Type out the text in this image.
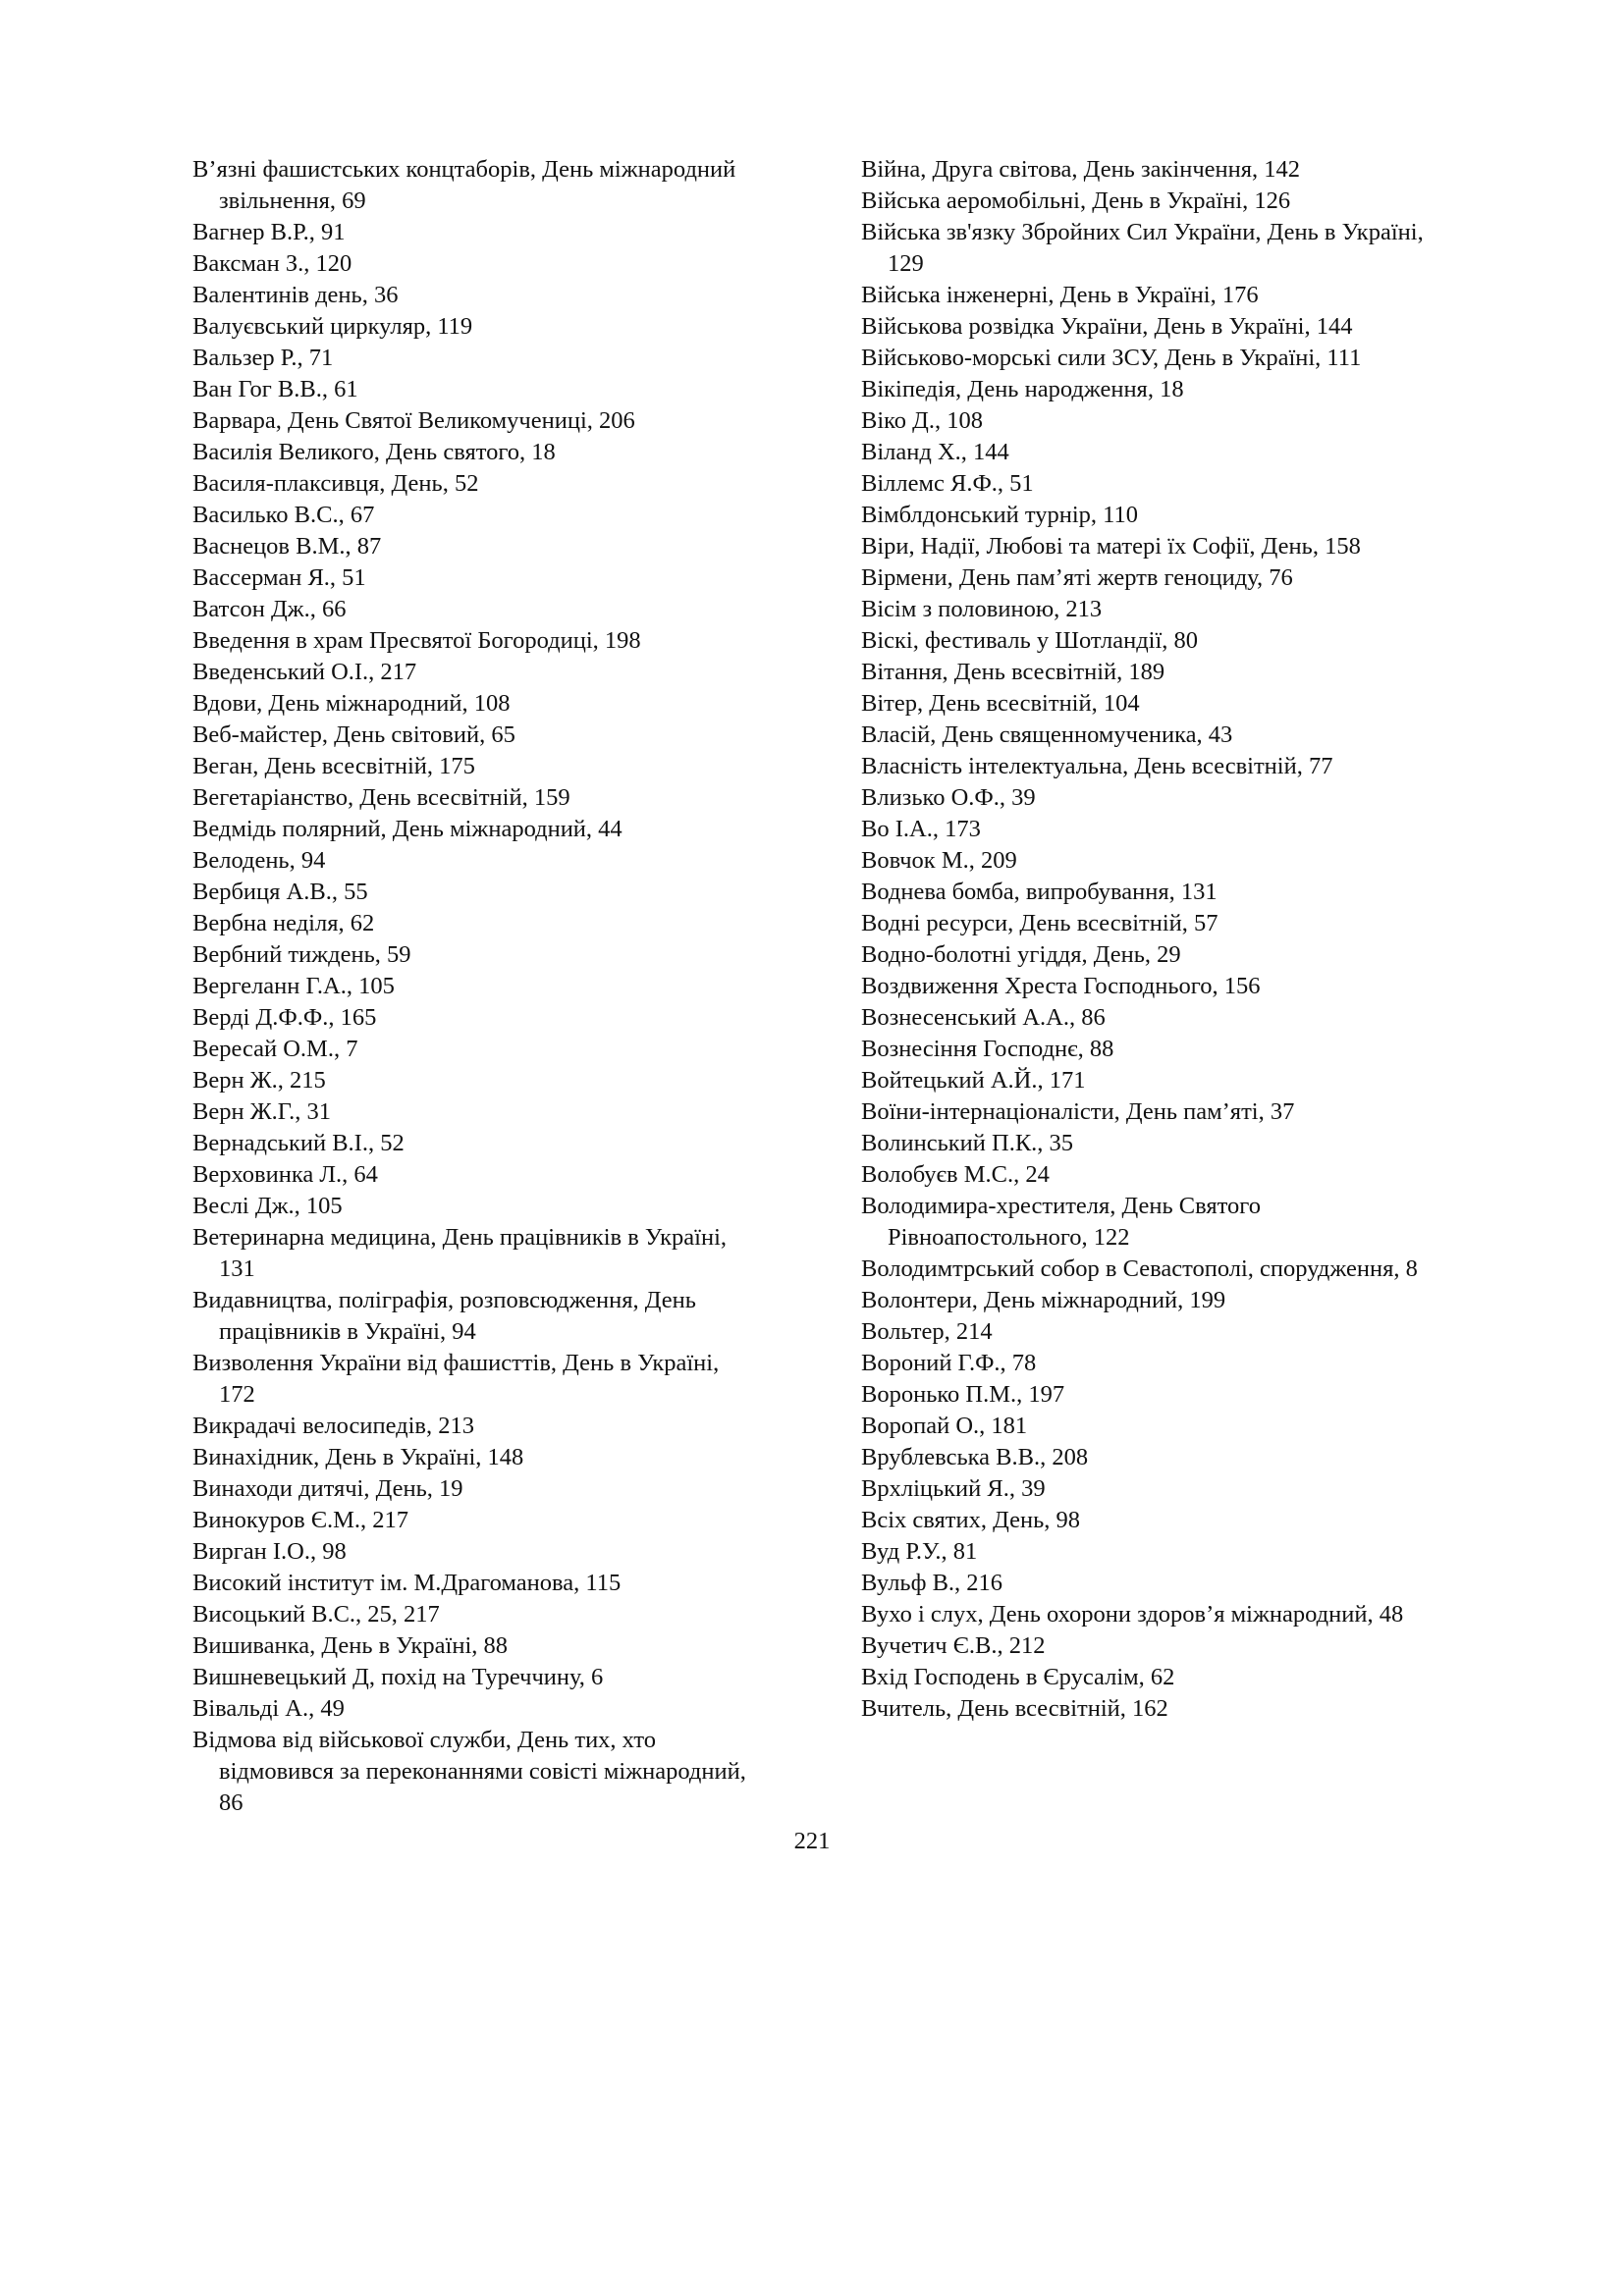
В’язні фашистських концтаборів, День міжнародний звільнення, 69
Вагнер В.Р., 91
Ваксман З., 120
Валентинів день, 36
Валуєвський циркуляр, 119
Вальзер Р., 71
Ван Гог В.В., 61
Варвара, День Святої Великомучениці, 206
Василія Великого, День святого, 18
Василя-плаксивця, День, 52
Василько В.С., 67
Васнецов В.М., 87
Вассерман Я., 51
Ватсон Дж., 66
Введення в храм Пресвятої Богородиці, 198
Введенський О.І., 217
Вдови, День міжнародний, 108
Веб-майстер, День світовий, 65
Веган, День всесвітній, 175
Вегетаріанство, День всесвітній, 159
Ведмідь полярний, День міжнародний, 44
Велодень, 94
Вербиця А.В., 55
Вербна неділя, 62
Вербний тиждень, 59
Вергеланн Г.А., 105
Верді Д.Ф.Ф., 165
Вересай О.М., 7
Верн Ж., 215
Верн Ж.Г., 31
Вернадський В.І., 52
Верховинка Л., 64
Веслі Дж., 105
Ветеринарна медицина, День працівників в Україні, 131
Видавництва, поліграфія, розповсюдження, День працівників в Україні, 94
Визволення України від фашисттів, День в Україні, 172
Викрадачі велосипедів, 213
Винахідник, День в Україні, 148
Винаходи дитячі, День, 19
Винокуров Є.М., 217
Вирган І.О., 98
Високий інститут ім. М.Драгоманова, 115
Висоцький В.С., 25, 217
Вишиванка, День в Україні, 88
Вишневецький Д, похід на Туреччину, 6
Вівальді А., 49
Відмова від військової служби, День тих, хто відмовився за переконаннями совісті міжнародний, 86
Війна, Друга світова, День закінчення, 142
Війська аеромобільні, День в Україні, 126
Війська зв'язку Збройних Сил України, День в Україні, 129
Війська інженерні, День в Україні, 176
Військова розвідка України, День в Україні, 144
Військово-морські сили ЗСУ, День в Україні, 111
Вікіпедія, День народження, 18
Віко Д., 108
Віланд Х., 144
Віллемс Я.Ф., 51
Вімблдонський турнір, 110
Віри, Надії, Любові та матері їх Софії, День, 158
Вірмени, День пам’яті жертв геноциду, 76
Вісім з половиною, 213
Віскі, фестиваль у Шотландії, 80
Вітання, День всесвітній, 189
Вітер, День всесвітній, 104
Власій, День священномученика, 43
Власність інтелектуальна, День всесвітній, 77
Влизько О.Ф., 39
Во І.А., 173
Вовчок М., 209
Воднева бомба, випробування, 131
Водні ресурси, День всесвітній, 57
Водно-болотні угіддя, День, 29
Воздвиження Хреста Господнього, 156
Вознесенський А.А., 86
Вознесіння Господнє, 88
Войтецький А.Й., 171
Воїни-інтернаціоналісти, День пам’яті, 37
Волинський П.К., 35
Волобуєв М.С., 24
Володимира-хрестителя, День Святого Рівноапостольного, 122
Володимтрський собор в Севастополі, спорудження, 8
Волонтери, День міжнародний, 199
Вольтер, 214
Вороний Г.Ф., 78
Воронько П.М., 197
Воропай О., 181
Врублевська В.В., 208
Врхліцький Я., 39
Всіх святих, День, 98
Вуд Р.У., 81
Вульф В., 216
Вухо і слух, День охорони здоров’я міжнародний, 48
Вучетич Є.В., 212
Вхід Господень в Єрусалім, 62
Вчитель, День всесвітній, 162
221
